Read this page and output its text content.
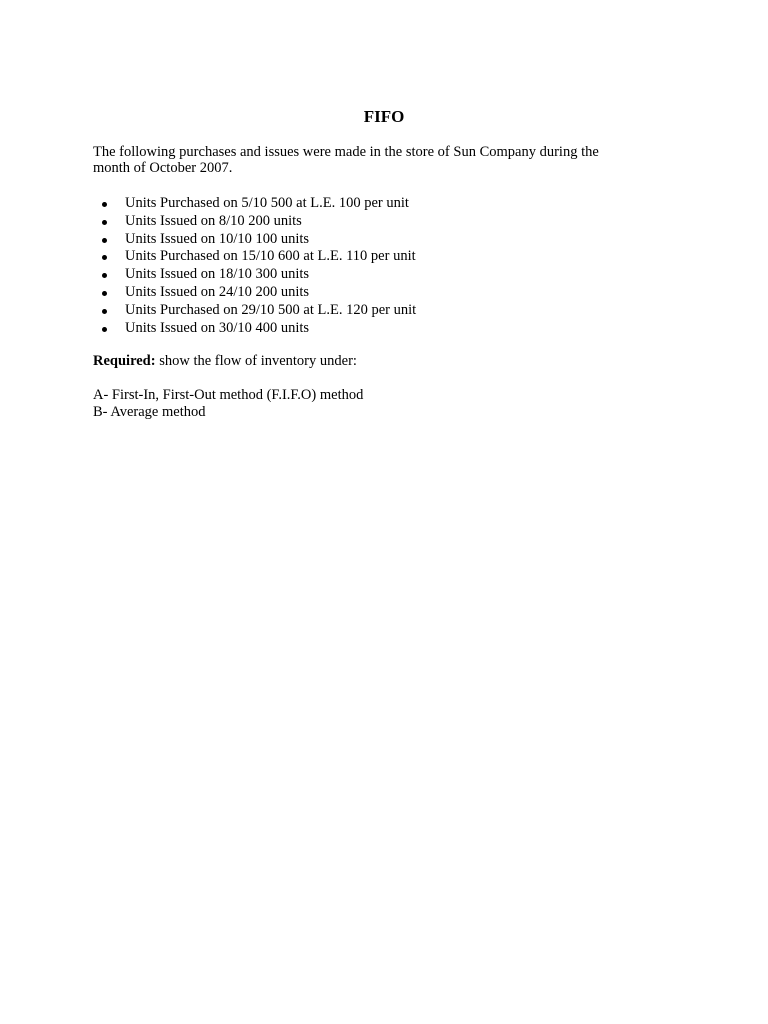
FIFO
The following purchases and issues were made in the store of Sun Company during the
month of October 2007.
Units Purchased on 5/10 500 at L.E. 100 per unit
Units Issued on 8/10 200 units
Units Issued on 10/10 100 units
Units Purchased on 15/10 600 at L.E. 110 per unit
Units Issued on 18/10 300 units
Units Issued on 24/10 200 units
Units Purchased on 29/10 500 at L.E. 120 per unit
Units Issued on 30/10 400 units
Required: show the flow of inventory under:
A- First-In, First-Out method (F.I.F.O) method
B- Average method
